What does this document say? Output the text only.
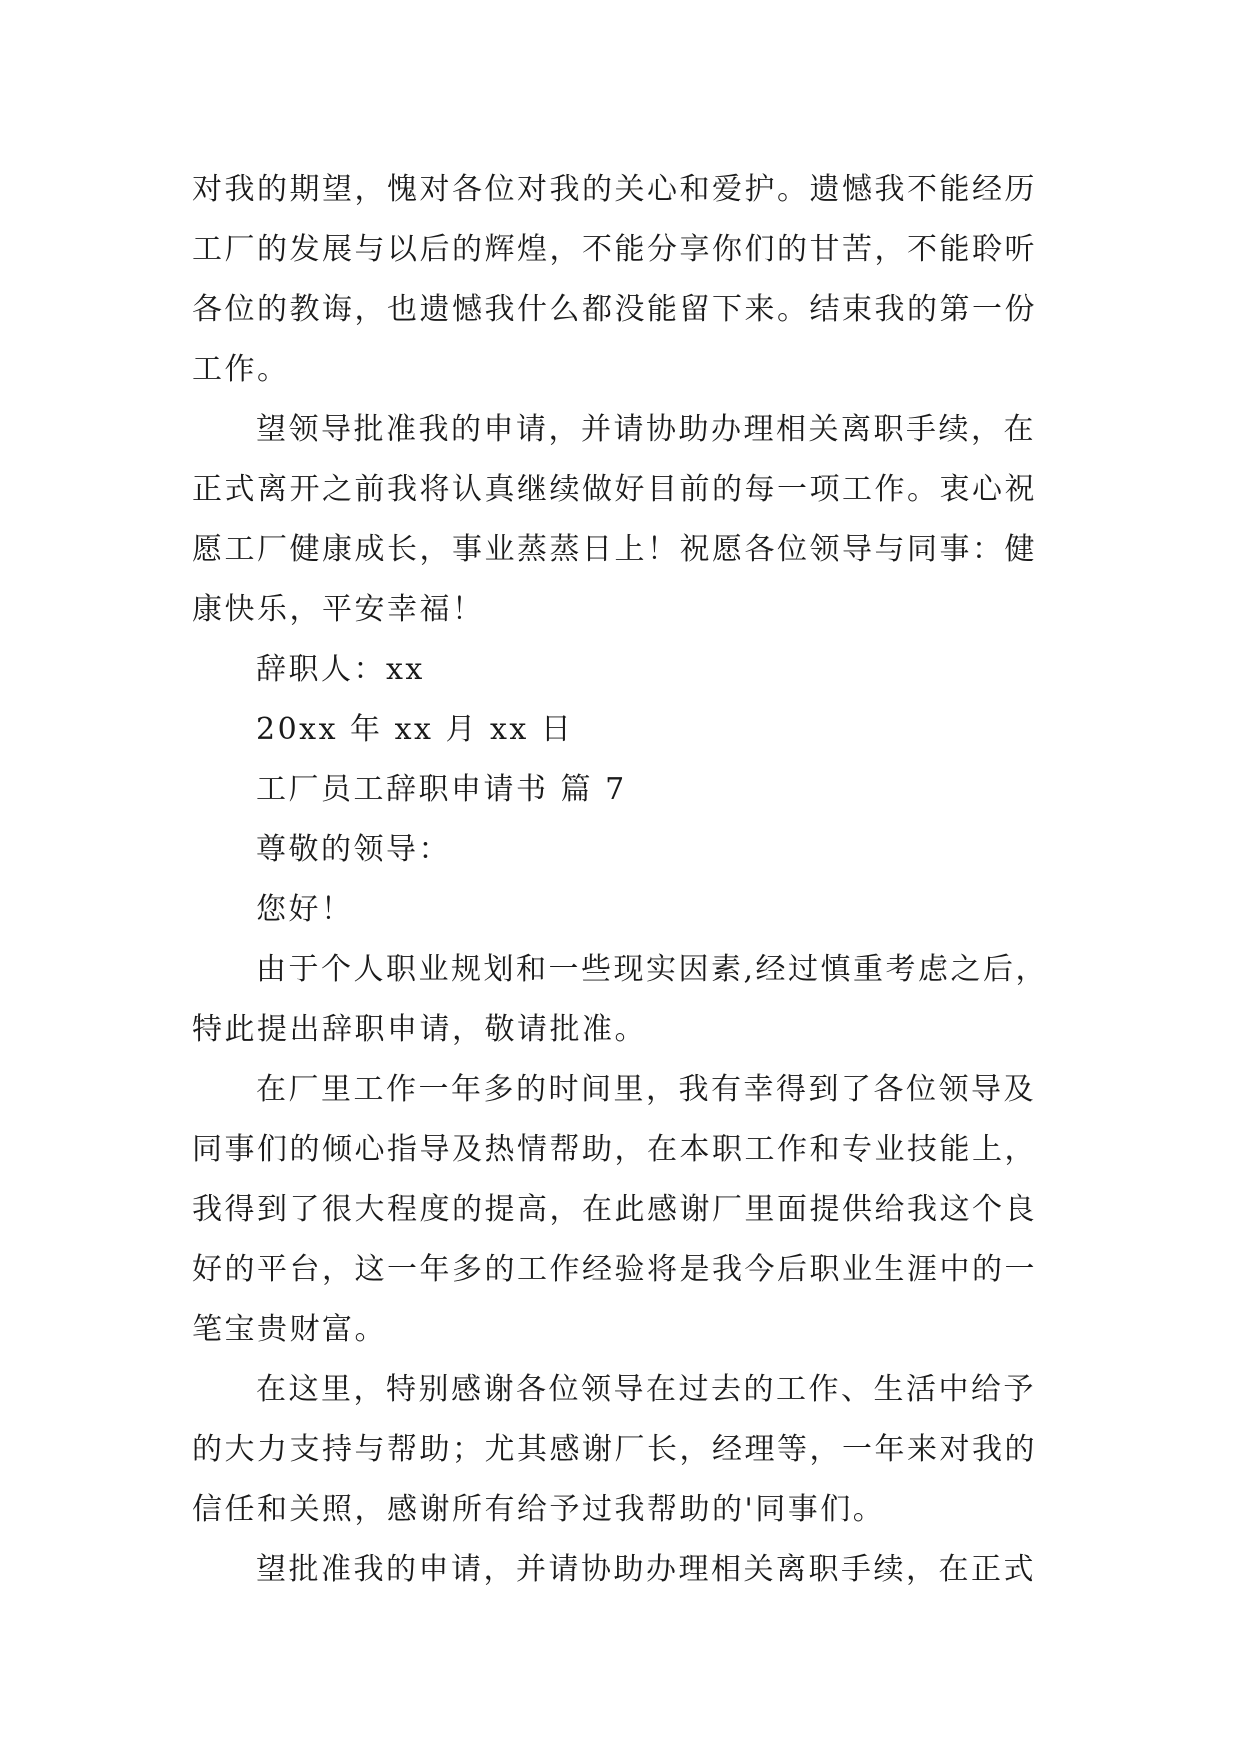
对我的期望，愧对各位对我的关心和爱护。遗憾我不能经历
工厂的发展与以后的辉煌，不能分享你们的甘苦，不能聆听
各位的教诲，也遗憾我什么都没能留下来。结束我的第一份
工作。
望领导批准我的申请，并请协助办理相关离职手续，在
正式离开之前我将认真继续做好目前的每一项工作。衷心祝
愿工厂健康成长，事业蒸蒸日上！祝愿各位领导与同事：健
康快乐，平安幸福！
辞职人：xx
20xx 年 xx 月 xx 日
工厂员工辞职申请书 篇 7
尊敬的领导：
您好！
由于个人职业规划和一些现实因素,经过慎重考虑之后，
特此提出辞职申请，敬请批准。
在厂里工作一年多的时间里，我有幸得到了各位领导及
同事们的倾心指导及热情帮助，在本职工作和专业技能上，
我得到了很大程度的提高，在此感谢厂里面提供给我这个良
好的平台，这一年多的工作经验将是我今后职业生涯中的一
笔宝贵财富。
在这里，特别感谢各位领导在过去的工作、生活中给予
的大力支持与帮助；尤其感谢厂长，经理等，一年来对我的
信任和关照，感谢所有给予过我帮助的'同事们。
望批准我的申请，并请协助办理相关离职手续，在正式
